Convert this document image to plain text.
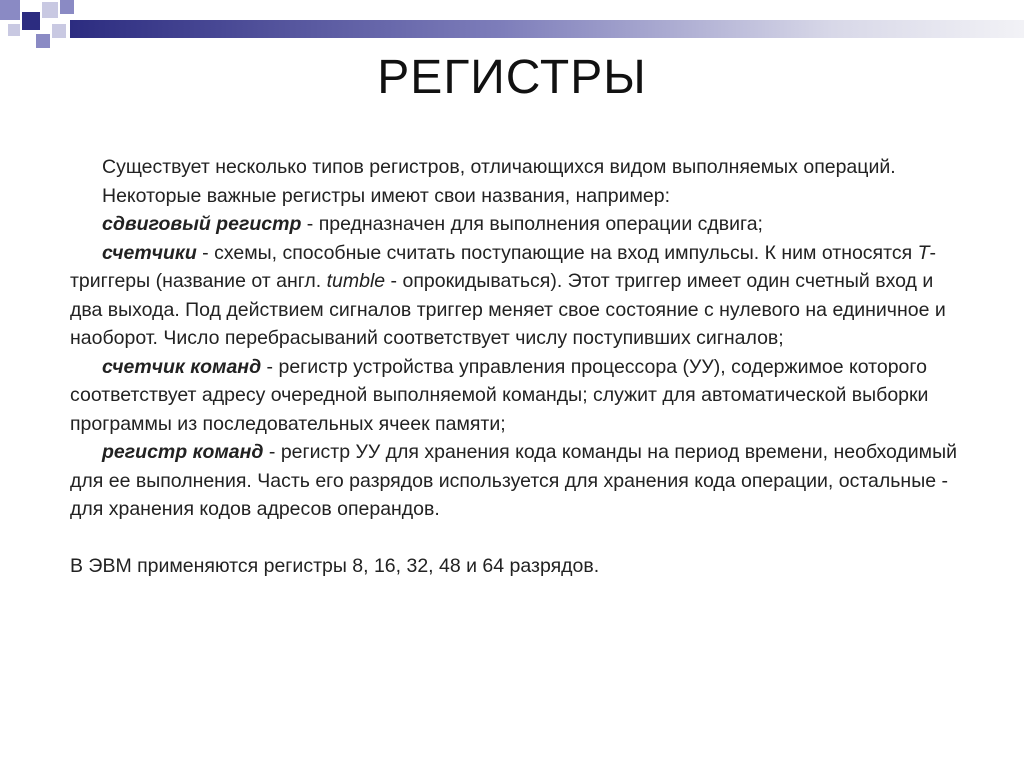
РЕГИСТРЫ

Существует несколько типов регистров, отличающихся видом выполняемых операций.

Некоторые важные регистры имеют свои названия, например:

сдвиговый регистр - предназначен для выполнения операции сдвига;

счетчики - схемы, способные считать поступающие на вход импульсы. К ним относятся Т-триггеры (название от англ. tumble - опрокидываться). Этот триггер имеет один счетный вход и два выхода. Под действием сигналов триггер меняет свое состояние с нулевого на единичное и наоборот. Число перебрасываний соответствует числу поступивших сигналов;

счетчик команд - регистр устройства управления процессора (УУ), содержимое которого соответствует адресу очередной выполняемой команды; служит для автоматической выборки программы из последовательных ячеек памяти;

регистр команд - регистр УУ для хранения кода команды на период времени, необходимый для ее выполнения. Часть его разрядов используется для хранения кода операции, остальные - для хранения кодов адресов операндов.

В ЭВМ применяются регистры 8, 16, 32, 48 и 64 разрядов.
